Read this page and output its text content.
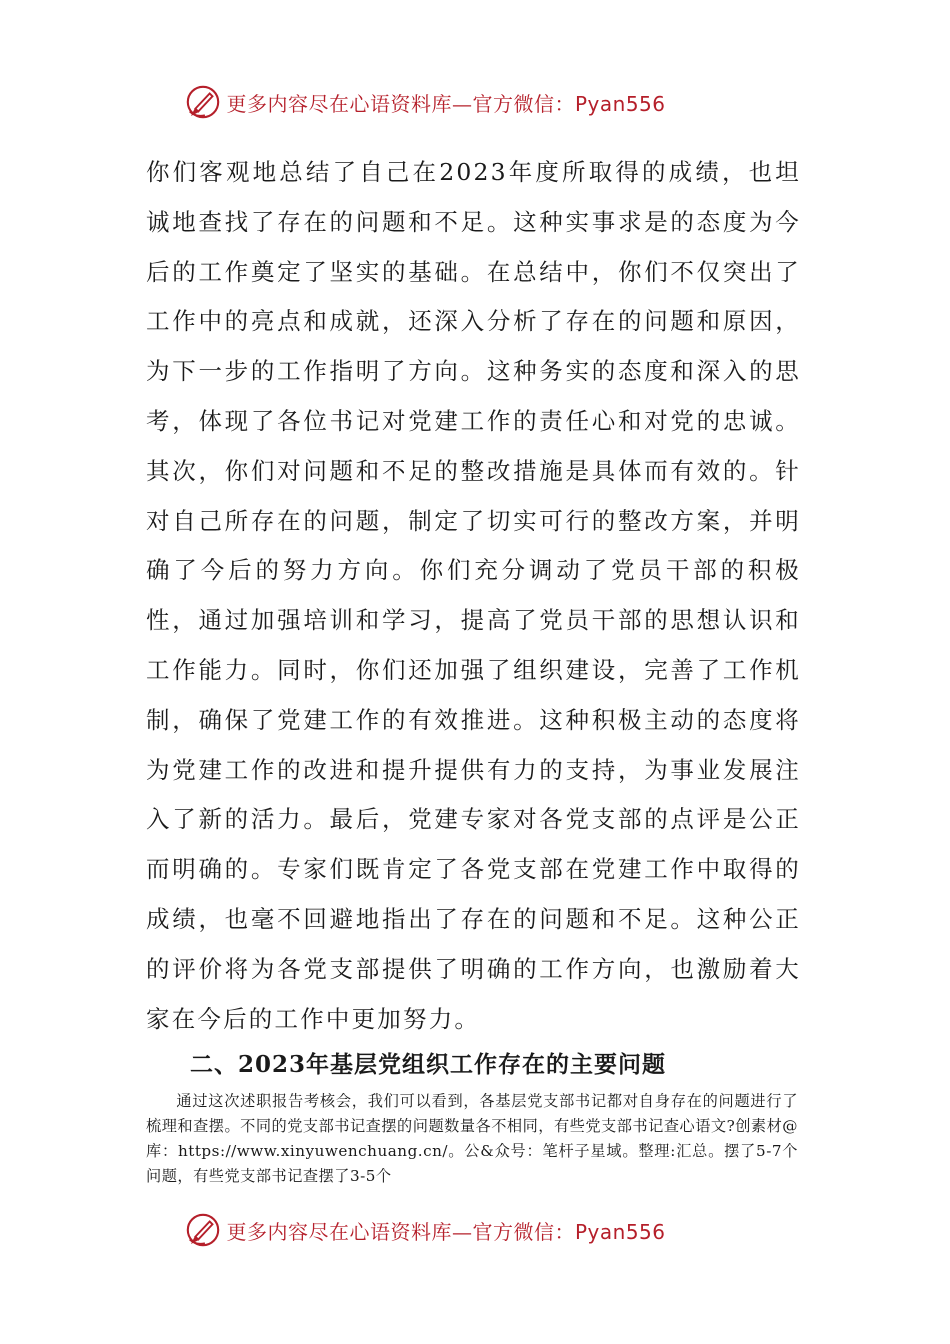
更多内容尽在心语资料库—官方微信：Pyan556

你们客观地总结了自己在2023年度所取得的成绩，也坦诚地查找了存在的问题和不足。这种实事求是的态度为今后的工作奠定了坚实的基础。在总结中，你们不仅突出了工作中的亮点和成就，还深入分析了存在的问题和原因，为下一步的工作指明了方向。这种务实的态度和深入的思考，体现了各位书记对党建工作的责任心和对党的忠诚。其次，你们对问题和不足的整改措施是具体而有效的。针对自己所存在的问题，制定了切实可行的整改方案，并明确了今后的努力方向。你们充分调动了党员干部的积极性，通过加强培训和学习，提高了党员干部的思想认识和工作能力。同时，你们还加强了组织建设，完善了工作机制，确保了党建工作的有效推进。这种积极主动的态度将为党建工作的改进和提升提供有力的支持，为事业发展注入了新的活力。最后，党建专家对各党支部的点评是公正而明确的。专家们既肯定了各党支部在党建工作中取得的成绩，也毫不回避地指出了存在的问题和不足。这种公正的评价将为各党支部提供了明确的工作方向，也激励着大家在今后的工作中更加努力。

二、2023年基层党组织工作存在的主要问题

通过这次述职报告考核会，我们可以看到，各基层党支部书记都对自身存在的问题进行了梳理和查摆。不同的党支部书记查摆的问题数量各不相同，有些党支部书记查心语文?创素材@库：https://www.xinyuwenchuang.cn/。公&众号：笔杆子星域。整理:汇总。摆了5-7个问题，有些党支部书记查摆了3-5个

更多内容尽在心语资料库—官方微信：Pyan556
